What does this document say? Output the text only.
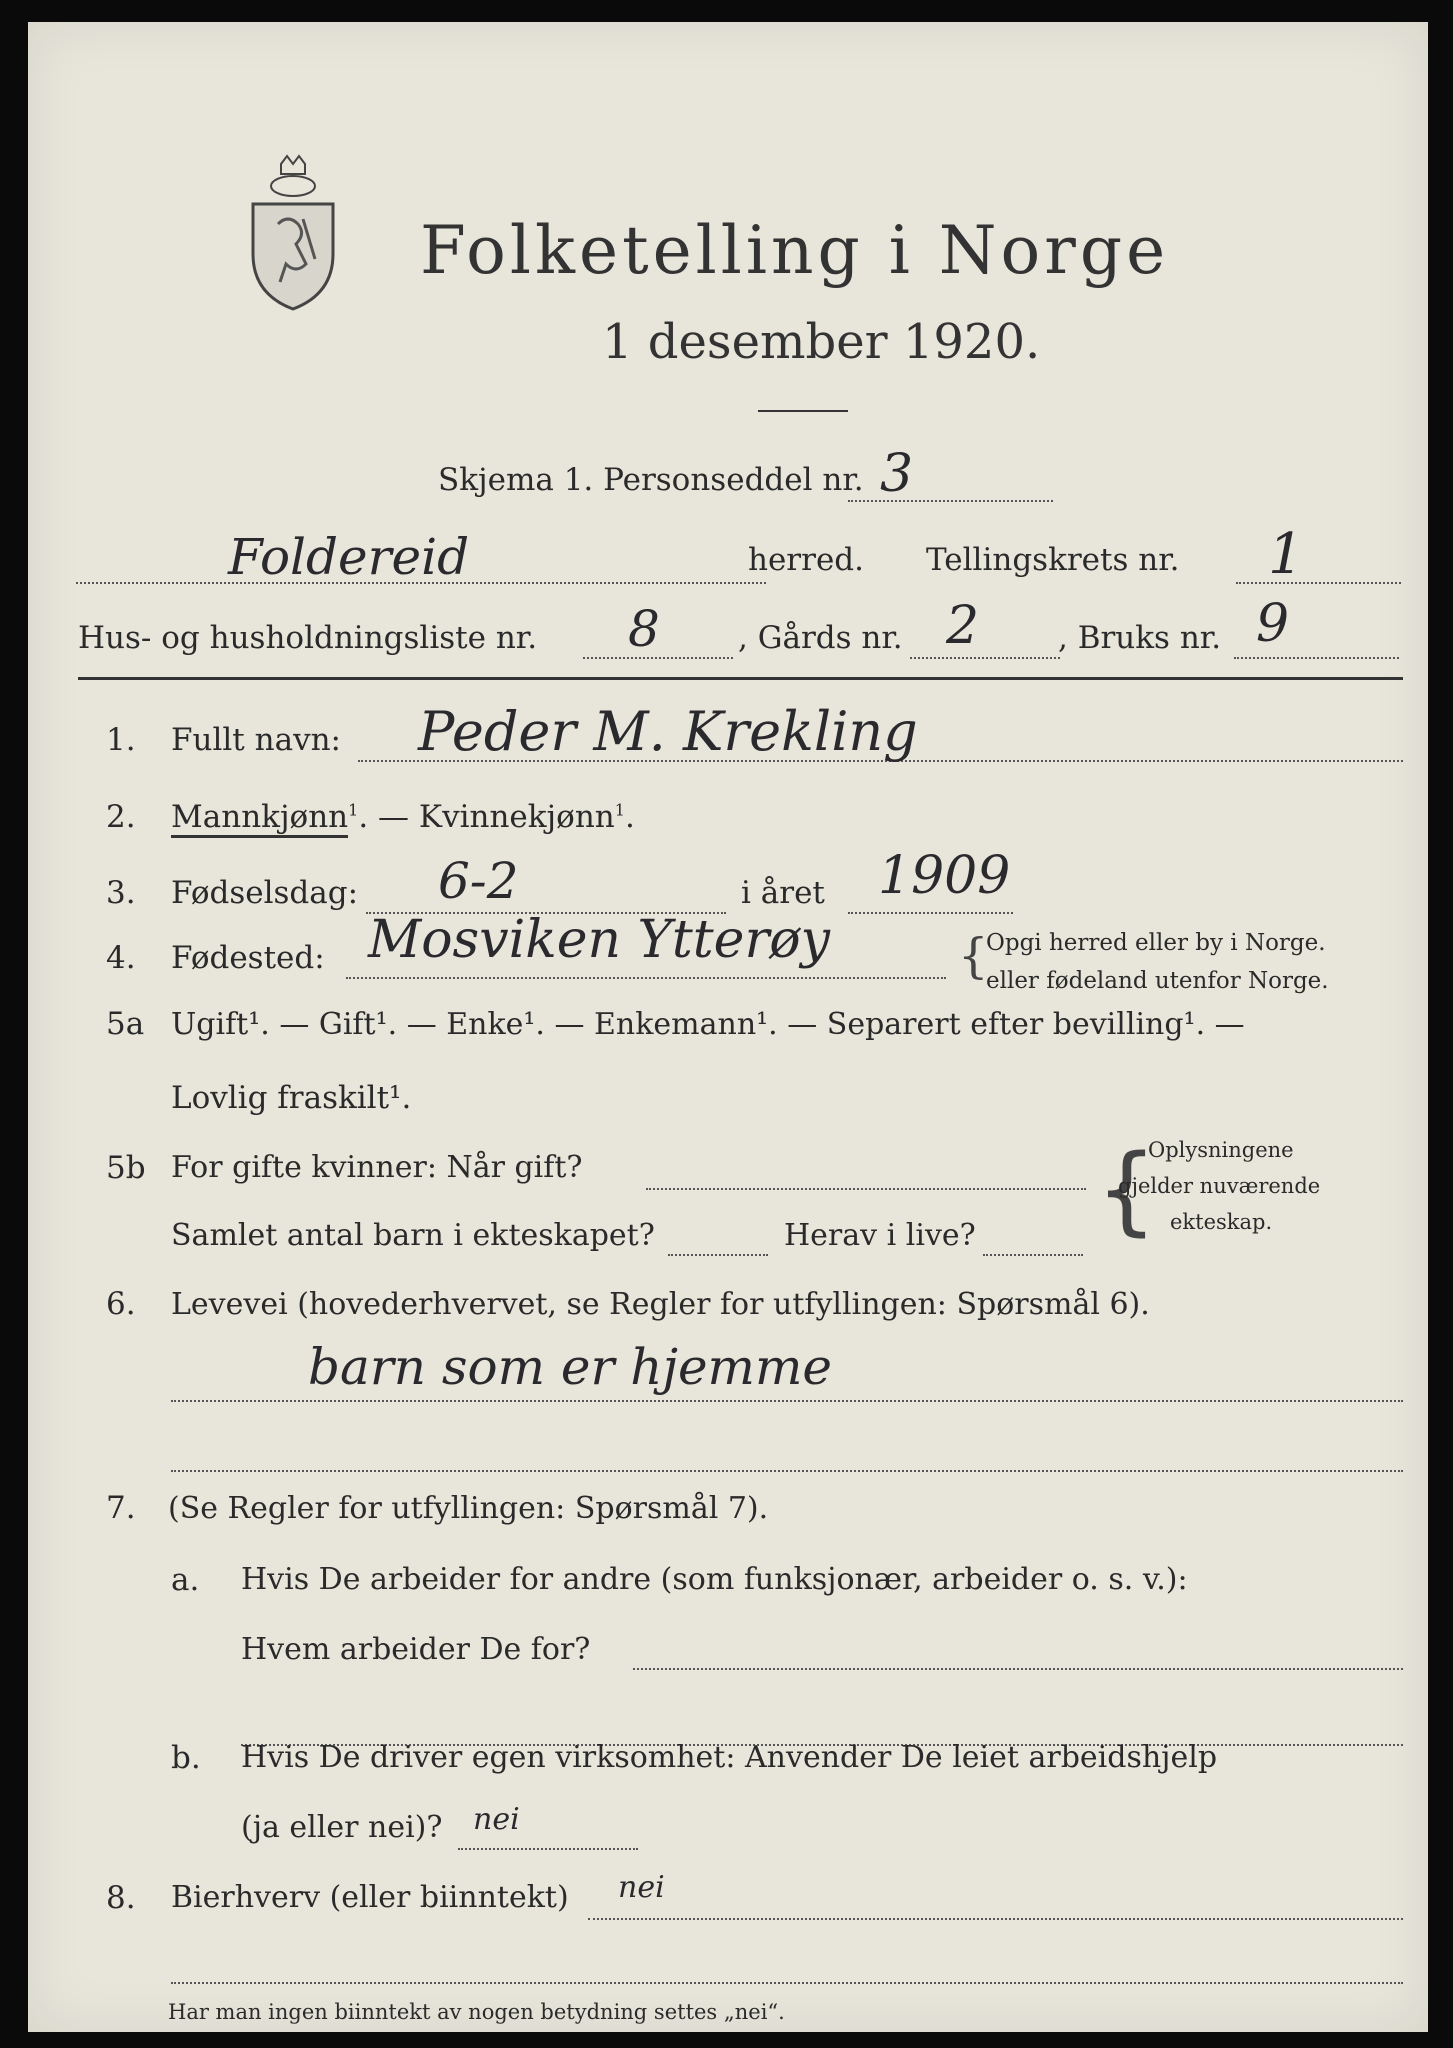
Folketelling i Norge
1 desember 1920.
Skjema 1. Personseddel nr. 3
Foldereid	herred. Tellingskrets nr. 1
Hus- og husholdningsliste nr. 8	, Gårds nr. 2	, Bruks nr. 9
1. Fullt navn: Peder M. Krekling
2. Mannkjønn$^1$. — Kvinnekjønn$^1$.
3. Fødselsdag: 6-2	i året 1909
4. Fødested: Mosviken Ytterøy	{
Opgi herred eller by i Norge.
eller fødeland utenfor Norge.
5a Ugift¹. — Gift¹. — Enke¹. — Enkemann¹. — Separert efter bevilling¹. —
Lovlig fraskilt¹.
5b For gifte kvinner: Når gift?
Samlet antal barn i ekteskapet?	Herav i live? {
Oplysningene
gjelder nuværende
ekteskap.
6. Levevei (hovederhvervet, se Regler for utfyllingen: Spørsmål 6).
barn som er hjemme
7. (Se Regler for utfyllingen: Spørsmål 7).
a. Hvis De arbeider for andre (som funksjonær, arbeider o. s. v.):
Hvem arbeider De for?
b. Hvis De driver egen virksomhet: Anvender De leiet arbeidshjelp
(ja eller nei)? nei
8. Bierhverv (eller biinntekt) nei
Har man ingen biinntekt av nogen betydning settes „nei“.
